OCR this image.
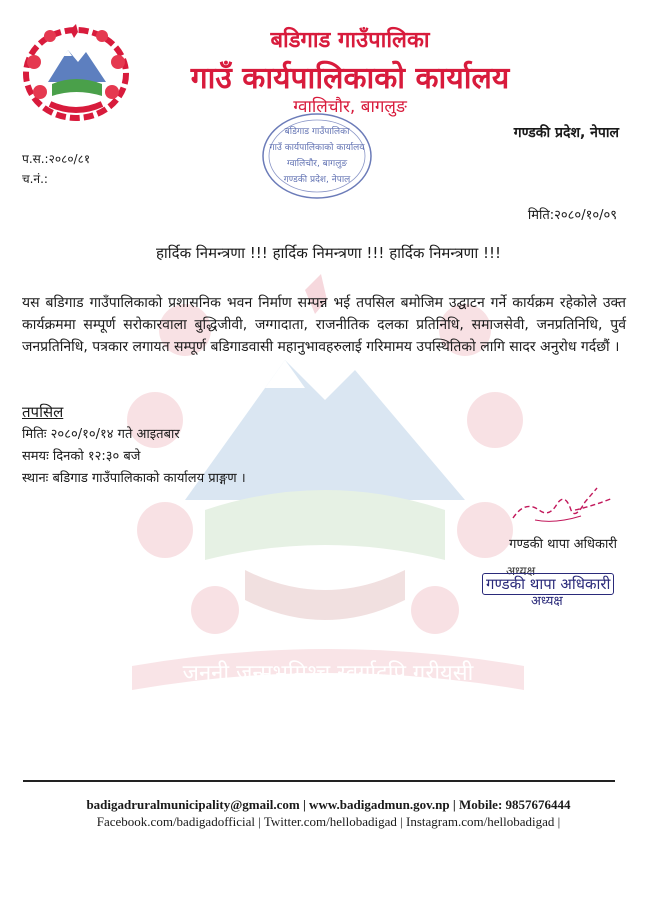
बडिगाड गाउँपालिका
गाउँ कार्यपालिकाको कार्यालय
ग्वालिचौर, बागलुङ
बडिगाड गाउँपालिका
गाउँ कार्यपालिकाको कार्यालय
ग्वालिचौर, बागलुङ
गण्डकी प्रदेश, नेपाल
गण्डकी प्रदेश, नेपाल
प.स.:२०८०/८१
च.नं.:
मिति:२०८०/१०/०९
हार्दिक निमन्त्रणा !!! हार्दिक निमन्त्रणा !!! हार्दिक निमन्त्रणा !!!
यस बडिगाड गाउँपालिकाको प्रशासनिक भवन निर्माण सम्पन्न भई तपसिल बमोजिम उद्घाटन गर्ने कार्यक्रम रहेकोले उक्त कार्यक्रममा सम्पूर्ण सरोकारवाला बुद्धिजीवी, जग्गादाता, राजनीतिक दलका प्रतिनिधि, समाजसेवी, जनप्रतिनिधि, पुर्व जनप्रतिनिधि, पत्रकार लगायत सम्पूर्ण बडिगाडवासी महानुभावहरुलाई गरिमामय उपस्थितिको लागि सादर अनुरोध गर्दछौं ।
तपसिल
मितिः २०८०/१०/१४ गते आइतबार
समयः दिनको १२:३० बजे
स्थानः बडिगाड गाउँपालिकाको कार्यालय प्राङ्गण ।
गण्डकी थापा अधिकारी
अध्यक्ष
गण्डकी थापा अधिकारी
अध्यक्ष
जननी जन्मभूमिश्च स्वर्गादपि गरीयसी
badigadruralmunicipality@gmail.com | www.badigadmun.gov.np | Mobile: 9857676444
Facebook.com/badigadofficial | Twitter.com/hellobadigad | Instagram.com/hellobadigad |
